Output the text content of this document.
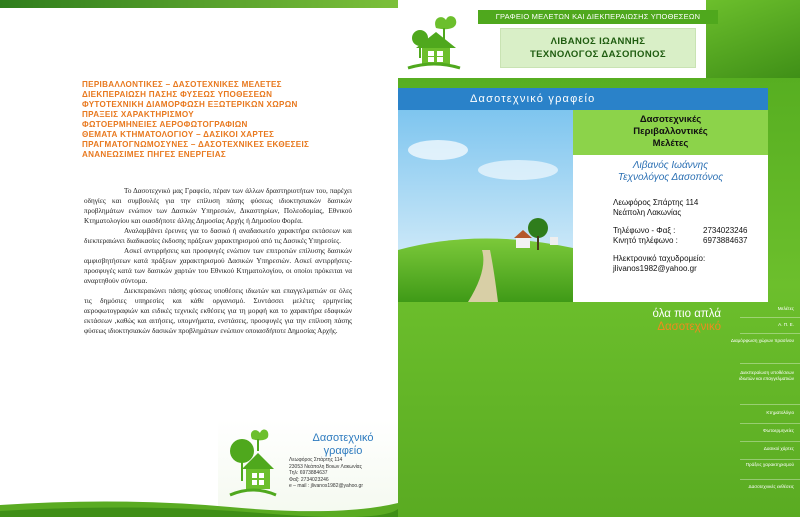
ΠΕΡΙΒΑΛΛΟΝΤΙΚΕΣ – ΔΑΣΟΤΕΧΝΙΚΕΣ ΜΕΛΕΤΕΣ
ΔΙΕΚΠΕΡΑΙΩΣΗ ΠΑΣΗΣ ΦΥΣΕΩΣ ΥΠΟΘΕΣΕΩΝ
ΦΥΤΟΤΕΧΝΙΚΗ ΔΙΑΜΟΡΦΩΣΗ ΕΞΩΤΕΡΙΚΩΝ ΧΩΡΩΝ
ΠΡΑΞΕΙΣ ΧΑΡΑΚΤΗΡΙΣΜΟΥ
ΦΩΤΟΕΡΜΗΝΕΙΕΣ ΑΕΡΟΦΩΤΟΓΡΑΦΙΩΝ
ΘΕΜΑΤΑ ΚΤΗΜΑΤΟΛΟΓΙΟΥ – ΔΑΣΙΚΟΙ ΧΑΡΤΕΣ
ΠΡΑΓΜΑΤΟΓΝΩΜΟΣΥΝΕΣ – ΔΑΣΟΤΕΧΝΙΚΕΣ ΕΚΘΕΣΕΙΣ
ΑΝΑΝΕΩΣΙΜΕΣ ΠΗΓΕΣ ΕΝΕΡΓΕΙΑΣ

Το Δασοτεχνικό μας Γραφείο, πέραν των άλλων δραστηριοτήτων του, παρέχει οδηγίες και συμβουλές για την επίλυση πάσης φύσεως ιδιοκτησιακών δασικών προβλημάτων ενώπιον των Δασικών Υπηρεσιών, Δικαστηρίων, Πολεοδομίας, Εθνικού Κτηματολογίου και οιασδήποτε άλλης Δημοσίας Αρχής ή Δημοσίου Φορέα.

Αναλαμβάνει έρευνες για το δασικό ή αναδασωτέο χαρακτήρα εκτάσεων και διεκπεραιώνει διαδικασίες έκδοσης πράξεων χαρακτηρισμού από τις Δασικές Υπηρεσίες.

Ασκεί αντιρρήσεις και προσφυγές ενώπιον των επιτροπών επίλυσης δασικών αμφισβητήσεων κατά πράξεων χαρακτηρισμού Δασικών Υπηρεσιών. Ασκεί αντιρρήσεις-προσφυγές κατά των δασικών χαρτών του Εθνικού Κτηματολογίου, οι οποίοι πρόκειται να αναρτηθούν σύντομα.

Διεκπεραιώνει πάσης φύσεως υποθέσεις ιδιωτών και επαγγελματιών σε όλες τις δημόσιες υπηρεσίες και κάθε οργανισμό. Συντάσσει μελέτες ερμηνείας αεροφωτογραφιών και ειδικές τεχνικές εκθέσεις για τη μορφή και το χαρακτήρα εδαφικών εκτάσεων ,καθώς και αιτήσεις, υπομνήματα, ενστάσεις, προσφυγές για την επίλυση πάσης φύσεως ιδιοκτησιακών δασικών προβλημάτων ενώπιον οποιασδήποτε Δημοσίας Αρχής.

Δασοτεχνικό
γραφείο
Λεωφόρος Σπάρτης 114
23053 Νεάπολη Βοιων Λακωνίας
Τηλ: 6973884637
Φαξ: 2734023246
e – mail : jlivanos1982@yahoo.gr
ΓΡΑΦΕΙΟ ΜΕΛΕΤΩΝ ΚΑΙ ΔΙΕΚΠΕΡΑΙΩΣΗΣ ΥΠΟΘΕΣΕΩΝ
ΛΙΒΑΝΟΣ ΙΩΑΝΝΗΣ
ΤΕΧΝΟΛΟΓΟΣ ΔΑΣΟΠΟΝΟΣ
Δασοτεχνικό γραφείο
Δασοτεχνικές
Περιβαλλοντικές
Μελέτες
Λιβανός Ιωάννης
Τεχνολόγος Δασοπόνος
Λεωφόρος Σπάρτης 114
Νεάπολη Λακωνίας
Τηλέφωνο - Φαξ :	2734023246
Κινητό τηλέφωνο :	6973884637
Ηλεκτρονικό ταχυδρομείο:
jlivanos1982@yahoo.gr
όλα πιο απλά
Δασοτεχνικό
Μελέτες
Α. Π. Ε.
Διαμόρφωση χώρων πρασίνου
Διεκπεραίωση υποθέσεων ιδιωτών και επαγγελματιών
Κτηματολόγιο
Φωτοερμηνείες
Δασικοί χάρτες
Πράξεις χαρακτηρισμού
Δασοτεχνικές εκθέσεις
